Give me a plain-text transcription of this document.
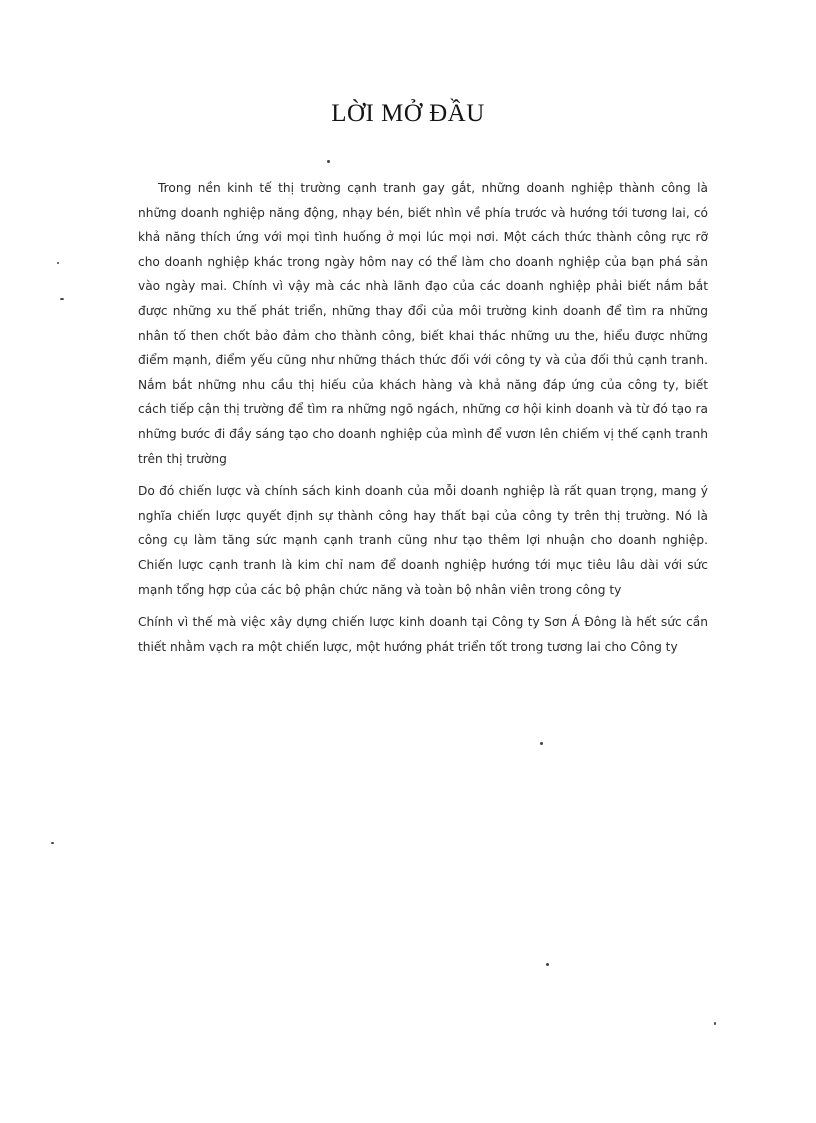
LỜI MỞ ĐẦU

Trong nền kinh tế thị trường cạnh tranh gay gắt, những doanh nghiệp thành công là những doanh nghiệp năng động, nhạy bén, biết nhìn về phía trước và hướng tới tương lai, có khả năng thích ứng với mọi tình huống ở mọi lúc mọi nơi. Một cách thức thành công rực rỡ cho doanh nghiệp khác trong ngày hôm nay có thể làm cho doanh nghiệp của bạn phá sản vào ngày mai. Chính vì vậy mà các nhà lãnh đạo của các doanh nghiệp phải biết nắm bắt được những xu thế phát triển, những thay đổi của môi trường kinh doanh để tìm ra những nhân tố then chốt bảo đảm cho thành công, biết khai thác những ưu the, hiểu được những điểm mạnh, điểm yếu cũng như những thách thức đối với công ty và của đối thủ cạnh tranh. Nắm bắt những nhu cầu thị hiếu của khách hàng và khả năng đáp ứng của công ty, biết cách tiếp cận thị trường để tìm ra những ngõ ngách, những cơ hội kinh doanh và từ đó tạo ra những bước đi đầy sáng tạo cho doanh nghiệp của mình để vươn lên chiếm vị thế cạnh tranh trên thị trường

Do đó chiến lược và chính sách kinh doanh của mỗi doanh nghiệp là rất quan trọng, mang ý nghĩa chiến lược quyết định sự thành công hay thất bại của công ty trên thị trường. Nó là công cụ làm tăng sức mạnh cạnh tranh cũng như tạo thêm lợi nhuận cho doanh nghiệp. Chiến lược cạnh tranh là kim chỉ nam để doanh nghiệp hướng tới mục tiêu lâu dài với sức mạnh tổng hợp của các bộ phận chức năng và toàn bộ nhân viên trong công ty

Chính vì thế mà việc xây dựng chiến lược kinh doanh tại Công ty Sơn Á Đông là hết sức cần thiết nhằm vạch ra một chiến lược, một hướng phát triển tốt trong tương lai cho Công ty
